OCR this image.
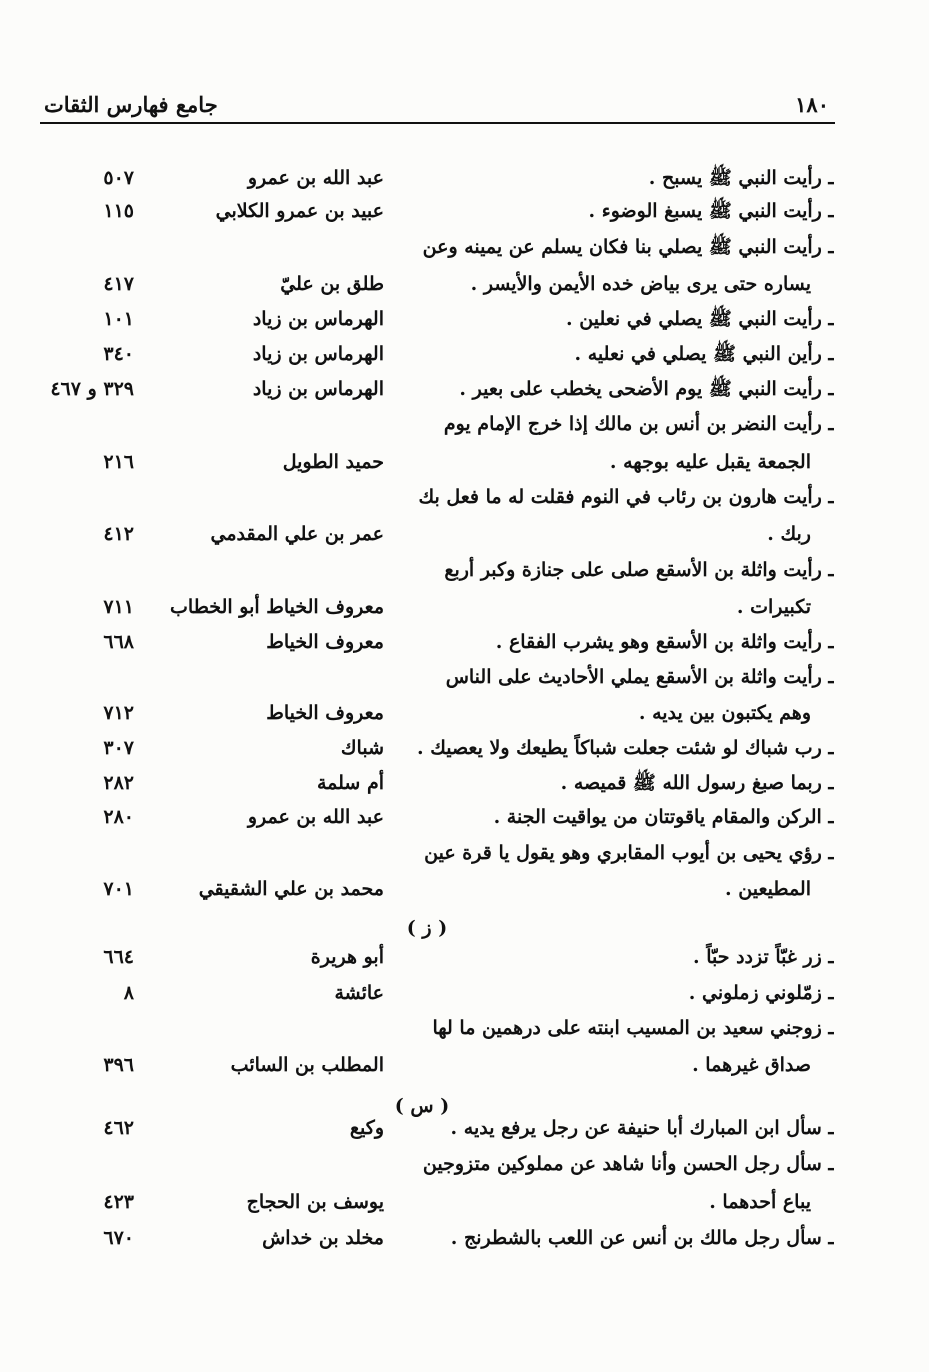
جامع فهارس الثقات	١٨٠
ـ رأيت النبي ﷺ يسبح .
عبد الله بن عمرو
٥٠٧
ـ رأيت النبي ﷺ يسبغ الوضوء .
عبيد بن عمرو الكلابي
١١٥
ـ رأيت النبي ﷺ يصلي بنا فكان يسلم عن يمينه وعن
يساره حتى يرى بياض خده الأيمن والأيسر .
طلق بن عليّ
٤١٧
ـ رأيت النبي ﷺ يصلي في نعلين .
الهرماس بن زياد
١٠١
ـ رأين النبي ﷺ يصلي في نعليه .
الهرماس بن زياد
٣٤٠
ـ رأيت النبي ﷺ يوم الأضحى يخطب على بعير .
الهرماس بن زياد
٣٢٩ و ٤٦٧
ـ رأيت النضر بن أنس بن مالك إذا خرج الإمام يوم
الجمعة يقبل عليه بوجهه .
حميد الطويل
٢١٦
ـ رأيت هارون بن رئاب في النوم فقلت له ما فعل بك
ربك .
عمر بن علي المقدمي
٤١٢
ـ رأيت واثلة بن الأسقع صلى على جنازة وكبر أربع
تكبيرات .
معروف الخياط أبو الخطاب
٧١١
ـ رأيت واثلة بن الأسقع وهو يشرب الفقاع .
معروف الخياط
٦٦٨
ـ رأيت واثلة بن الأسقع يملي الأحاديث على الناس
وهم يكتبون بين يديه .
معروف الخياط
٧١٢
ـ رب شباك لو شئت جعلت شباكاً يطيعك ولا يعصيك .
شباك
٣٠٧
ـ ربما صبغ رسول الله ﷺ قميصه .
أم سلمة
٢٨٢
ـ الركن والمقام ياقوتتان من يواقيت الجنة .
عبد الله بن عمرو
٢٨٠
ـ رؤي يحيى بن أيوب المقابري وهو يقول يا قرة عين
المطيعين .
محمد بن علي الشقيقي
٧٠١
ـ زر غبّاً تزدد حبّاً .
أبو هريرة
٦٦٤
ـ زمّلوني زملوني .
عائشة
٨
ـ زوجني سعيد بن المسيب ابنته على درهمين ما لها
صداق غيرهما .
المطلب بن السائب
٣٩٦
ـ سأل ابن المبارك أبا حنيفة عن رجل يرفع يديه .
وكيع
٤٦٢
ـ سأل رجل الحسن وأنا شاهد عن مملوكين متزوجين
يباع أحدهما .
يوسف بن الحجاج
٤٢٣
ـ سأل رجل مالك بن أنس عن اللعب بالشطرنج .
مخلد بن خداش
٦٧٠
( ز )
( س )
